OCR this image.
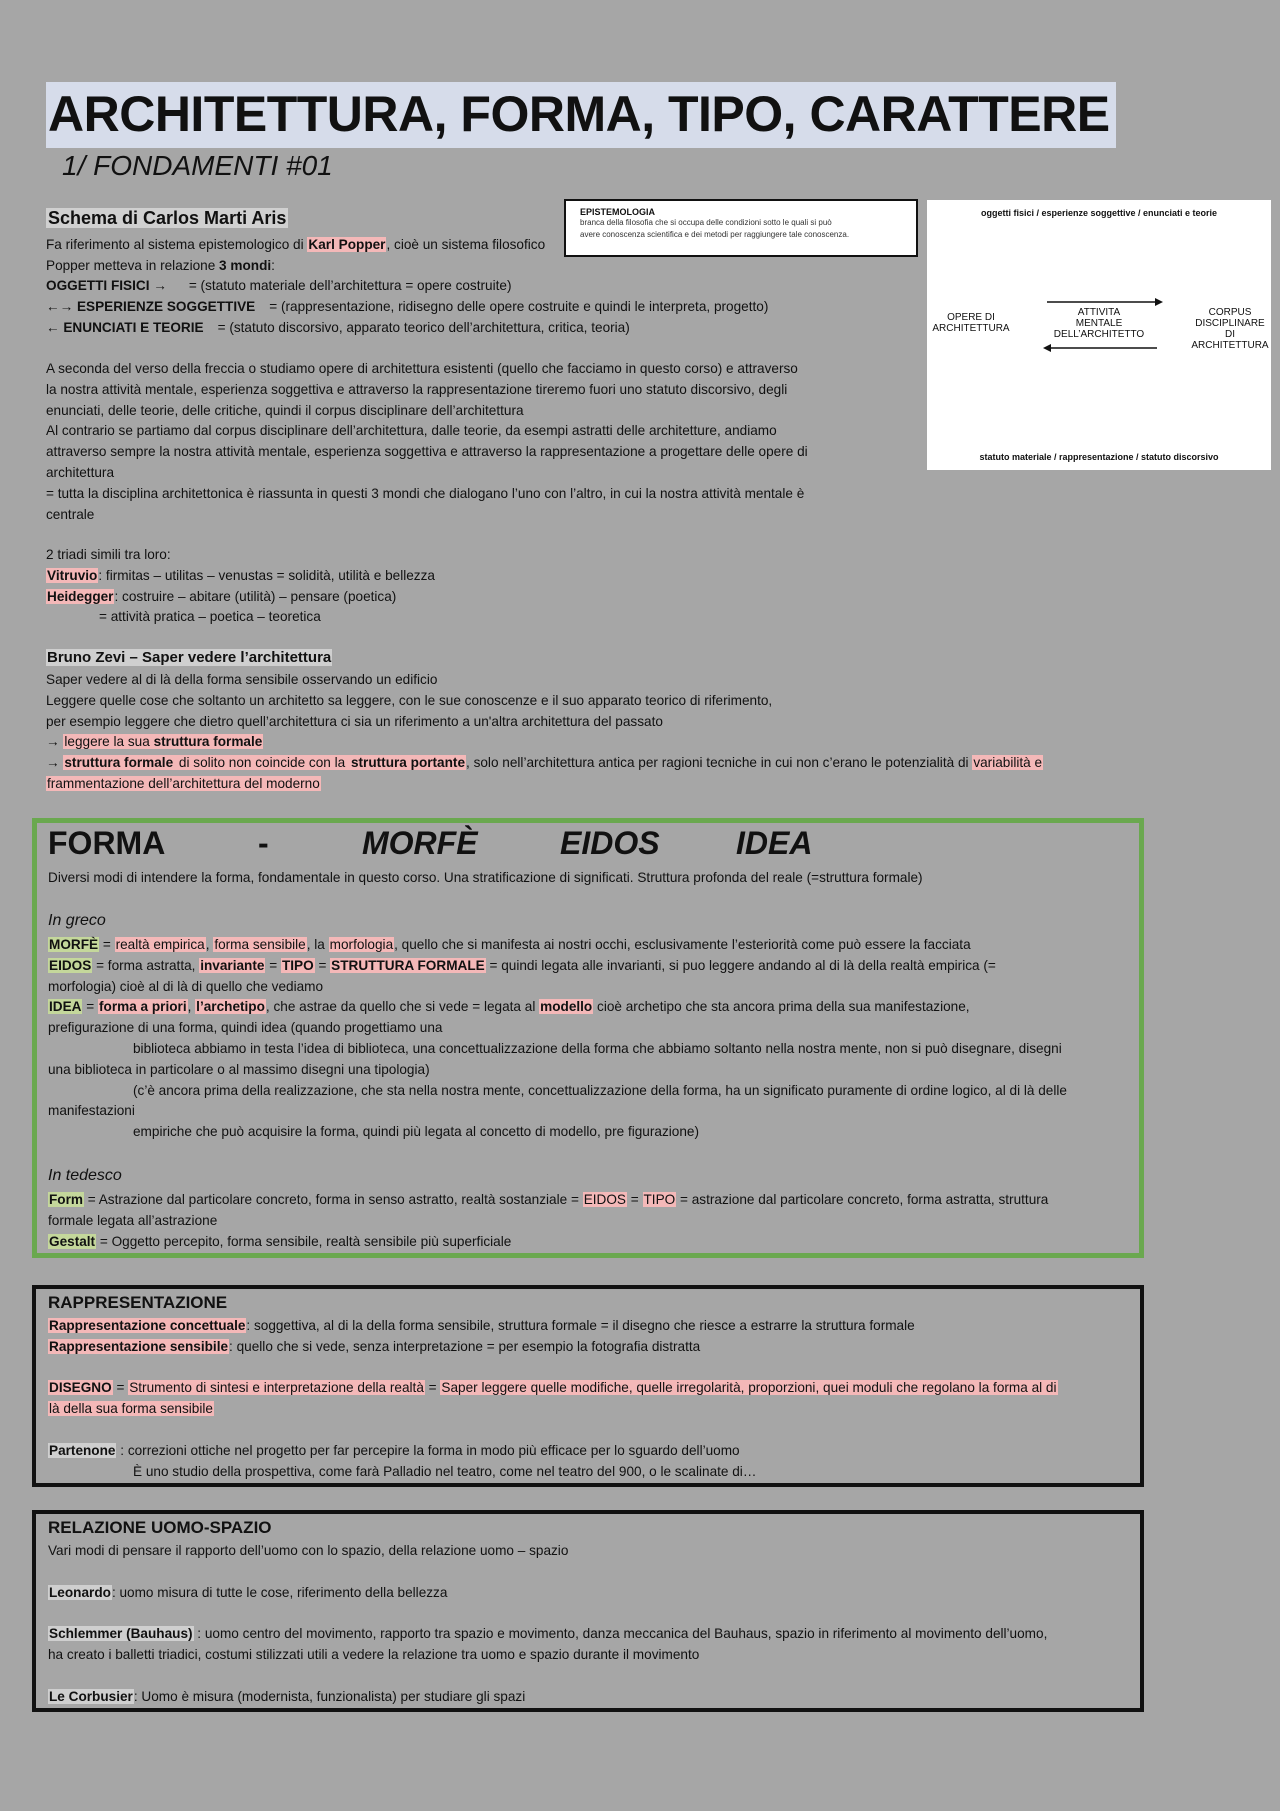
ARCHITETTURA, FORMA, TIPO, CARATTERE
1/ FONDAMENTI #01
Schema di Carlos Marti Aris
Fa riferimento al sistema epistemologico di Karl Popper, cioè un sistema filosofico
Popper metteva in relazione 3 mondi:
OGGETTI FISICI → = (statuto materiale dell’architettura = opere costruite)
←→ ESPERIENZE SOGGETTIVE = (rappresentazione, ridisegno delle opere costruite e quindi le interpreta, progetto)
← ENUNCIATI E TEORIE = (statuto discorsivo, apparato teorico dell’architettura, critica, teoria)
A seconda del verso della freccia o studiamo opere di architettura esistenti (quello che facciamo in questo corso) e attraverso
la nostra attività mentale, esperienza soggettiva e attraverso la rappresentazione tireremo fuori uno statuto discorsivo, degli
enunciati, delle teorie, delle critiche, quindi il corpus disciplinare dell’architettura
Al contrario se partiamo dal corpus disciplinare dell’architettura, dalle teorie, da esempi astratti delle architetture, andiamo
attraverso sempre la nostra attività mentale, esperienza soggettiva e attraverso la rappresentazione a progettare delle opere di
architettura
= tutta la disciplina architettonica è riassunta in questi 3 mondi che dialogano l’uno con l’altro, in cui la nostra attività mentale è
centrale
2 triadi simili tra loro:
Vitruvio: firmitas – utilitas – venustas = solidità, utilità e bellezza
Heidegger: costruire – abitare (utilità) – pensare (poetica)
= attività pratica – poetica – teoretica
EPISTEMOLOGIA
branca della filosofia che si occupa delle condizioni sotto le quali si può
avere conoscenza scientifica e dei metodi per raggiungere tale conoscenza.
oggetti fisici / esperienze soggettive / enunciati e teorie
OPERE DI
ARCHITETTURA
ATTIVITA
MENTALE
DELL’ARCHITETTO
CORPUS
DISCIPLINARE DI
ARCHITETTURA
statuto materiale / rappresentazione / statuto discorsivo
Bruno Zevi – Saper vedere l’architettura
Saper vedere al di là della forma sensibile osservando un edificio
Leggere quelle cose che soltanto un architetto sa leggere, con le sue conoscenze e il suo apparato teorico di riferimento,
per esempio leggere che dietro quell’architettura ci sia un riferimento a un'altra architettura del passato
→ leggere la sua struttura formale
→ struttura formale di solito non coincide con la struttura portante, solo nell’architettura antica per ragioni tecniche in cui non c’erano le potenzialità di variabilità e
frammentazione dell’architettura del moderno
FORMA	-	MORFÈ	EIDOS IDEA
Diversi modi di intendere la forma, fondamentale in questo corso. Una stratificazione di significati. Struttura profonda del reale (=struttura formale)
In greco
MORFÈ = realtà empirica, forma sensibile, la morfologia, quello che si manifesta ai nostri occhi, esclusivamente l’esteriorità come può essere la facciata
EIDOS = forma astratta, invariante = TIPO = STRUTTURA FORMALE = quindi legata alle invarianti, si puo leggere andando al di là della realtà empirica (=
morfologia) cioè al di là di quello che vediamo
IDEA = forma a priori, l’archetipo, che astrae da quello che si vede = legata al modello cioè archetipo che sta ancora prima della sua manifestazione,
prefigurazione di una forma, quindi idea (quando progettiamo una
biblioteca abbiamo in testa l’idea di biblioteca, una concettualizzazione della forma che abbiamo soltanto nella nostra mente, non si può disegnare, disegni
una biblioteca in particolare o al massimo disegni una tipologia)
(c’è ancora prima della realizzazione, che sta nella nostra mente, concettualizzazione della forma, ha un significato puramente di ordine logico, al di là delle
manifestazioni
empiriche che può acquisire la forma, quindi più legata al concetto di modello, pre figurazione)
In tedesco
Form = Astrazione dal particolare concreto, forma in senso astratto, realtà sostanziale = EIDOS = TIPO = astrazione dal particolare concreto, forma astratta, struttura
formale legata all’astrazione
Gestalt = Oggetto percepito, forma sensibile, realtà sensibile più superficiale
RAPPRESENTAZIONE
Rappresentazione concettuale: soggettiva, al di la della forma sensibile, struttura formale = il disegno che riesce a estrarre la struttura formale
Rappresentazione sensibile: quello che si vede, senza interpretazione = per esempio la fotografia distratta
DISEGNO = Strumento di sintesi e interpretazione della realtà = Saper leggere quelle modifiche, quelle irregolarità, proporzioni, quei moduli che regolano la forma al di
là della sua forma sensibile
Partenone : correzioni ottiche nel progetto per far percepire la forma in modo più efficace per lo sguardo dell’uomo
È uno studio della prospettiva, come farà Palladio nel teatro, come nel teatro del 900, o le scalinate di…
RELAZIONE UOMO-SPAZIO
Vari modi di pensare il rapporto dell’uomo con lo spazio, della relazione uomo – spazio
Leonardo: uomo misura di tutte le cose, riferimento della bellezza
Schlemmer (Bauhaus) : uomo centro del movimento, rapporto tra spazio e movimento, danza meccanica del Bauhaus, spazio in riferimento al movimento dell’uomo,
ha creato i balletti triadici, costumi stilizzati utili a vedere la relazione tra uomo e spazio durante il movimento
Le Corbusier: Uomo è misura (modernista, funzionalista) per studiare gli spazi
